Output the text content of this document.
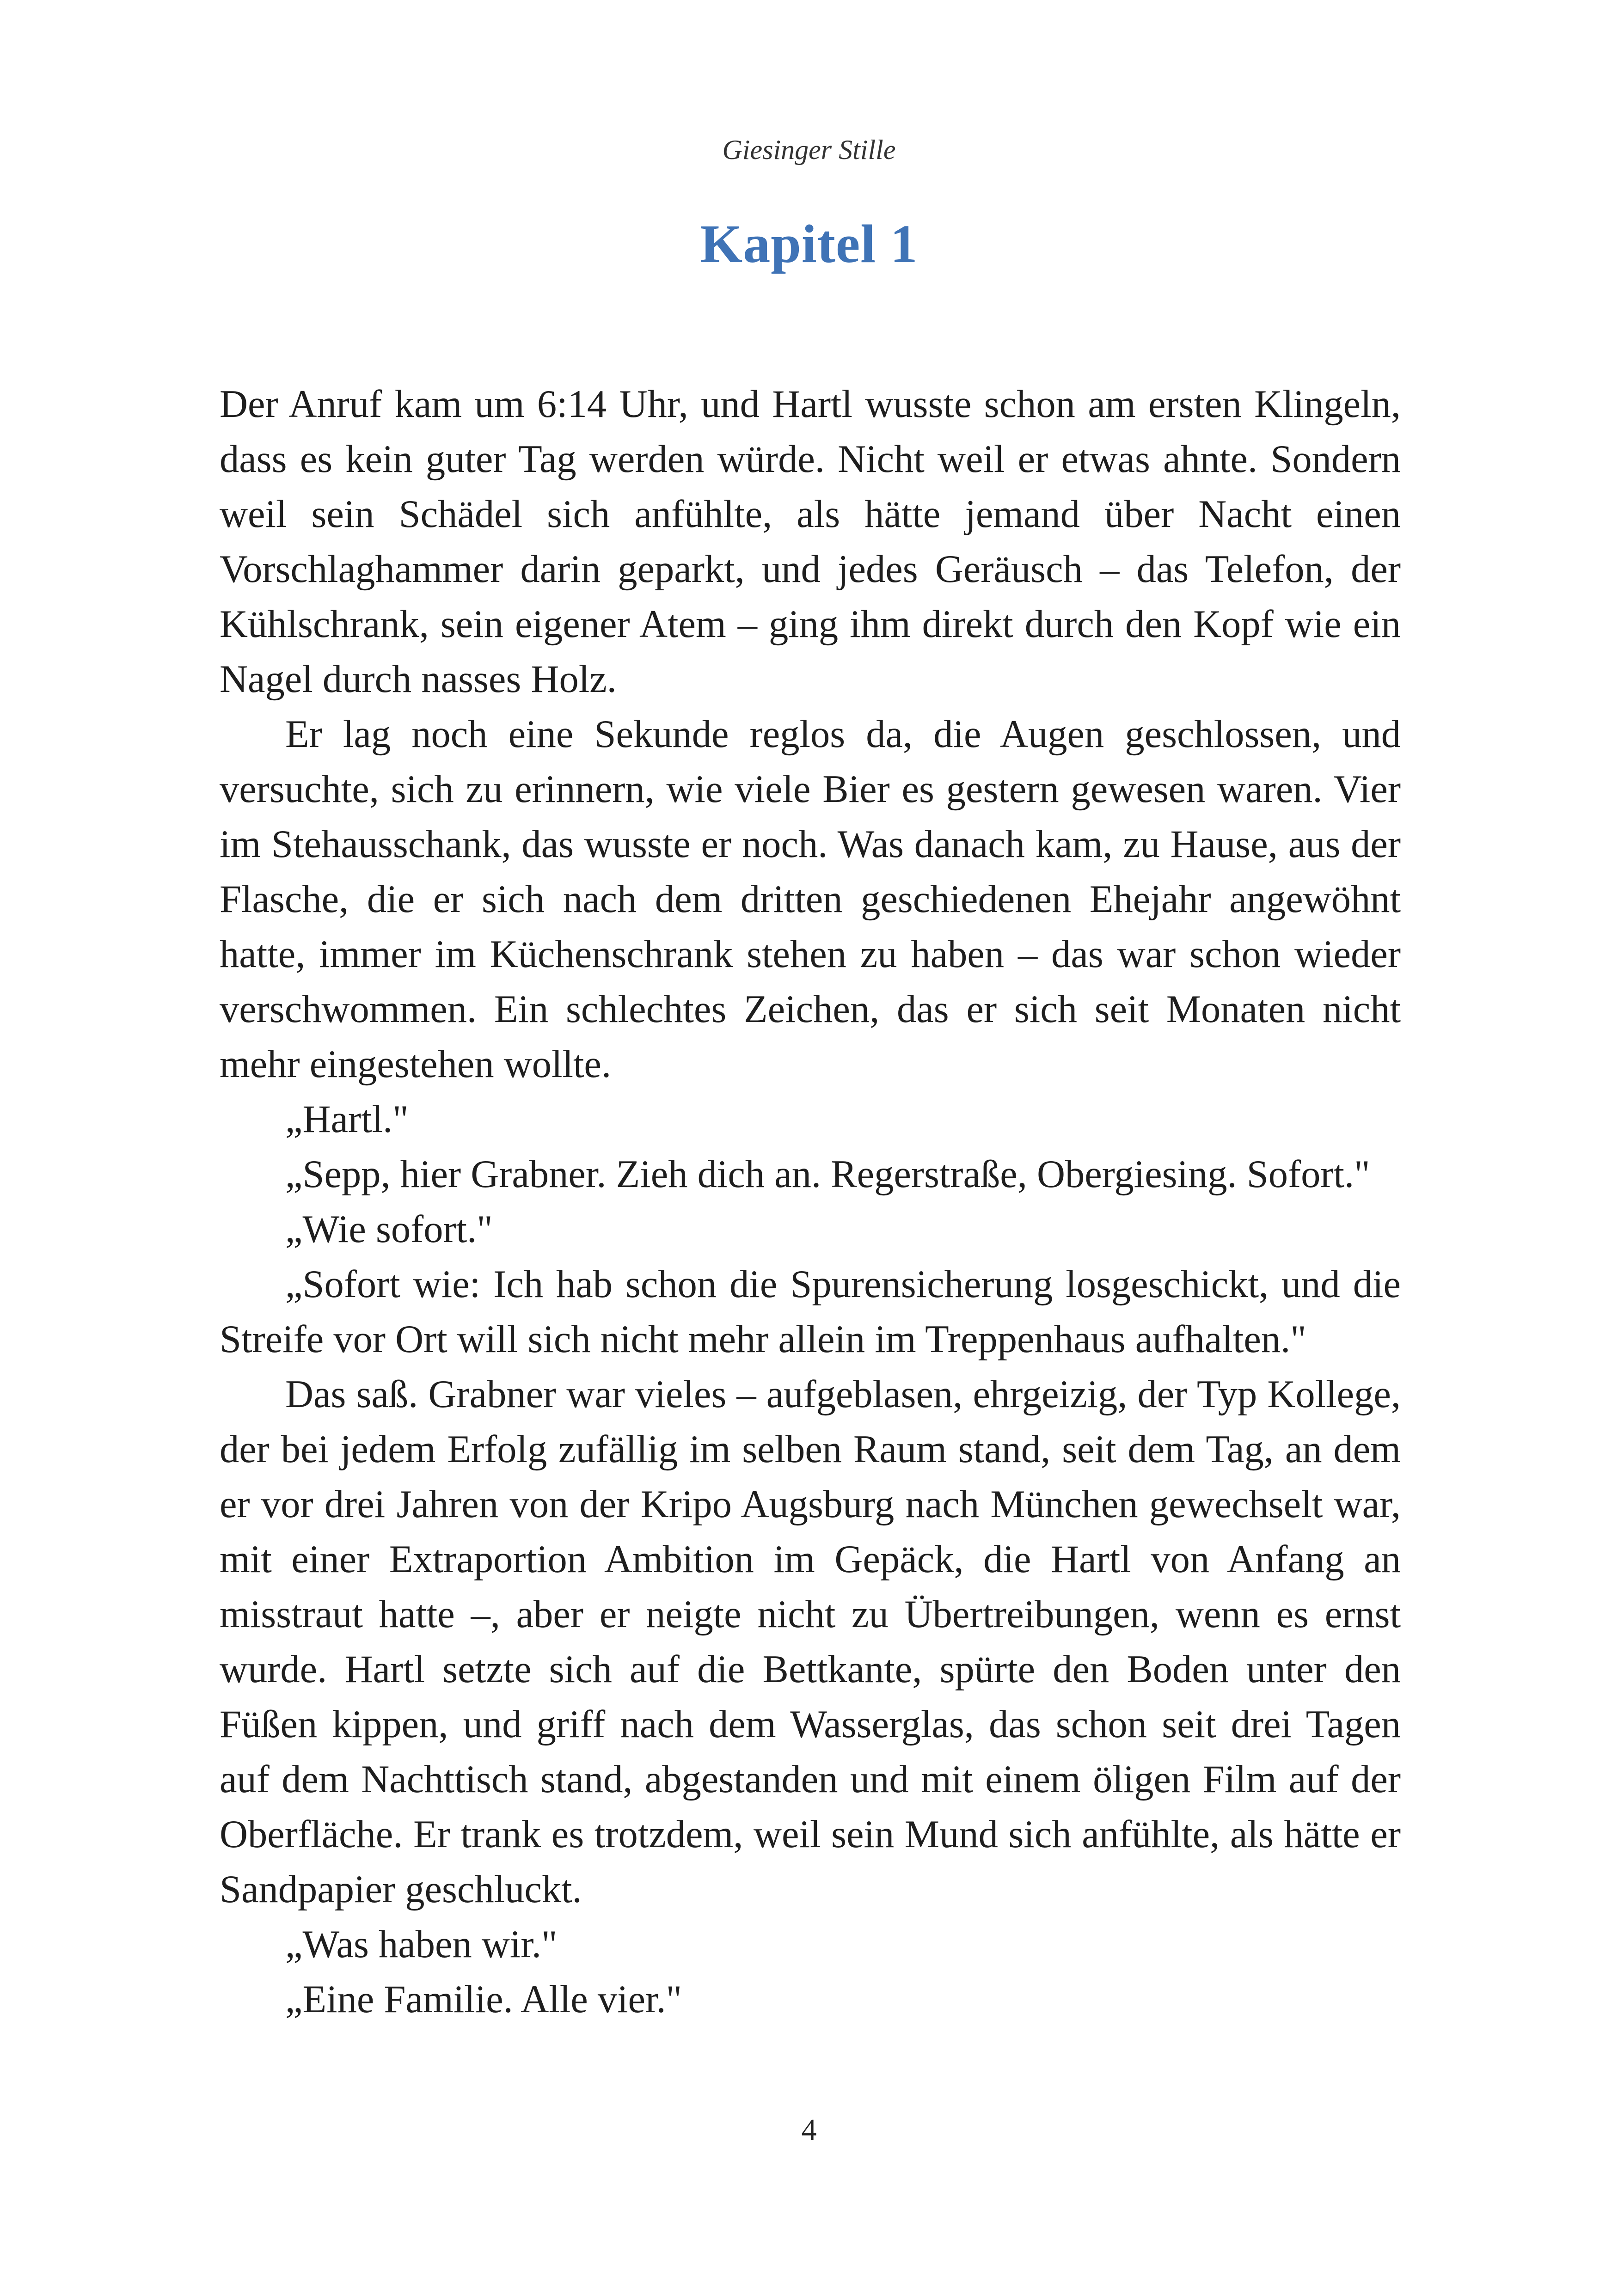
Giesinger Stille
Kapitel 1

Der Anruf kam um 6:14 Uhr, und Hartl wusste schon am ersten Klingeln, dass es kein guter Tag werden würde. Nicht weil er etwas ahnte. Sondern weil sein Schädel sich anfühlte, als hätte jemand über Nacht einen Vorschlaghammer darin geparkt, und jedes Geräusch – das Telefon, der Kühlschrank, sein eigener Atem – ging ihm direkt durch den Kopf wie ein Nagel durch nasses Holz.

Er lag noch eine Sekunde reglos da, die Augen geschlossen, und versuchte, sich zu erinnern, wie viele Bier es gestern gewesen waren. Vier im Stehausschank, das wusste er noch. Was danach kam, zu Hause, aus der Flasche, die er sich nach dem dritten geschiedenen Ehejahr angewöhnt hatte, immer im Küchenschrank stehen zu haben – das war schon wieder verschwommen. Ein schlechtes Zeichen, das er sich seit Monaten nicht mehr eingestehen wollte.

„Hartl."

„Sepp, hier Grabner. Zieh dich an. Regerstraße, Obergiesing. Sofort."

„Wie sofort."

„Sofort wie: Ich hab schon die Spurensicherung losgeschickt, und die Streife vor Ort will sich nicht mehr allein im Treppenhaus aufhalten."

Das saß. Grabner war vieles – aufgeblasen, ehrgeizig, der Typ Kollege, der bei jedem Erfolg zufällig im selben Raum stand, seit dem Tag, an dem er vor drei Jahren von der Kripo Augsburg nach München gewechselt war, mit einer Extraportion Ambition im Gepäck, die Hartl von Anfang an misstraut hatte –, aber er neigte nicht zu Übertreibungen, wenn es ernst wurde. Hartl setzte sich auf die Bettkante, spürte den Boden unter den Füßen kippen, und griff nach dem Wasserglas, das schon seit drei Tagen auf dem Nachttisch stand, abgestanden und mit einem öligen Film auf der Oberfläche. Er trank es trotzdem, weil sein Mund sich anfühlte, als hätte er Sandpapier geschluckt.

„Was haben wir."

„Eine Familie. Alle vier."

4
